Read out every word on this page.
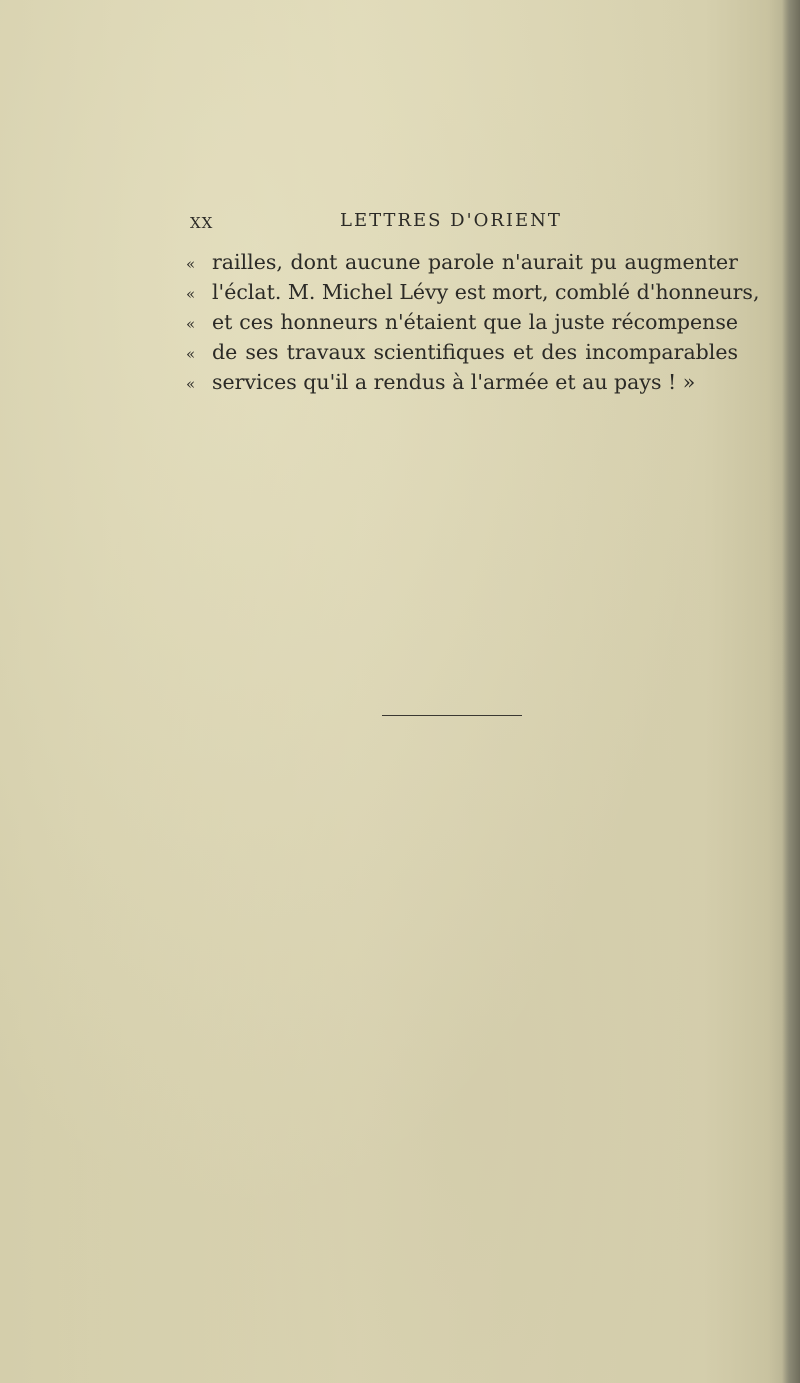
XX	LETTRES D'ORIENT
« railles, dont aucune parole n'aurait pu augmenter
« l'éclat. M. Michel Lévy est mort, comblé d'honneurs,
« et ces honneurs n'étaient que la juste récompense
« de ses travaux scientifiques et des incomparables
« services qu'il a rendus à l'armée et au pays ! »
